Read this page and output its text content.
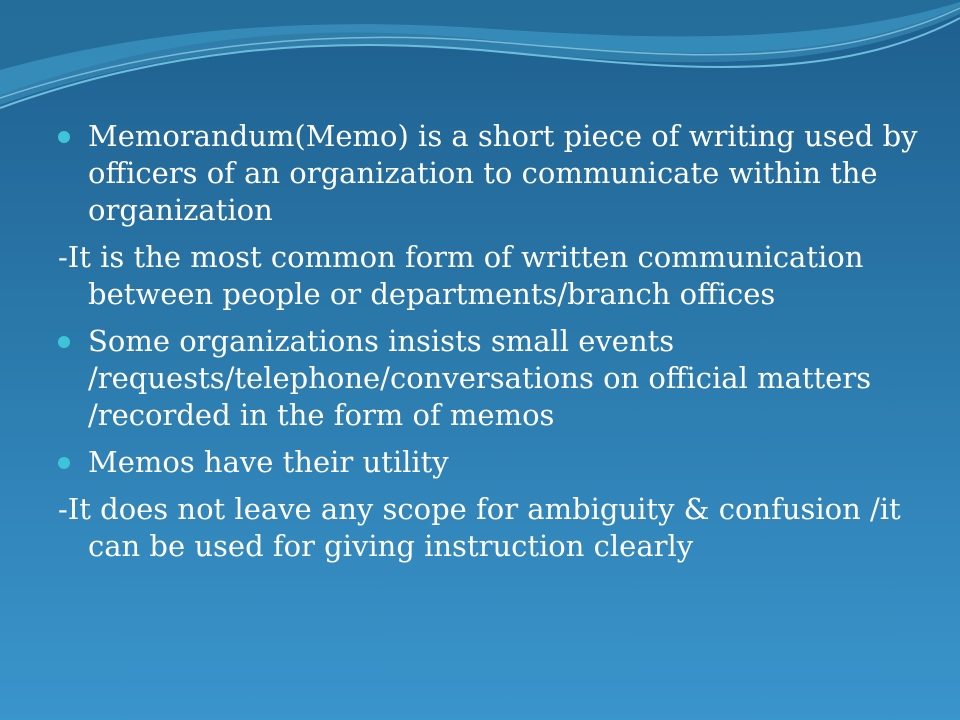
Memorandum(Memo) is a short piece of writing used by officers of an organization to communicate within the organization

-It is the most common form of written communication between people or departments/branch offices

Some organizations insists small events /requests/telephone/conversations on official matters /recorded in the form of memos

Memos have their utility

-It does not leave any scope for ambiguity & confusion /it can be used for giving instruction clearly
